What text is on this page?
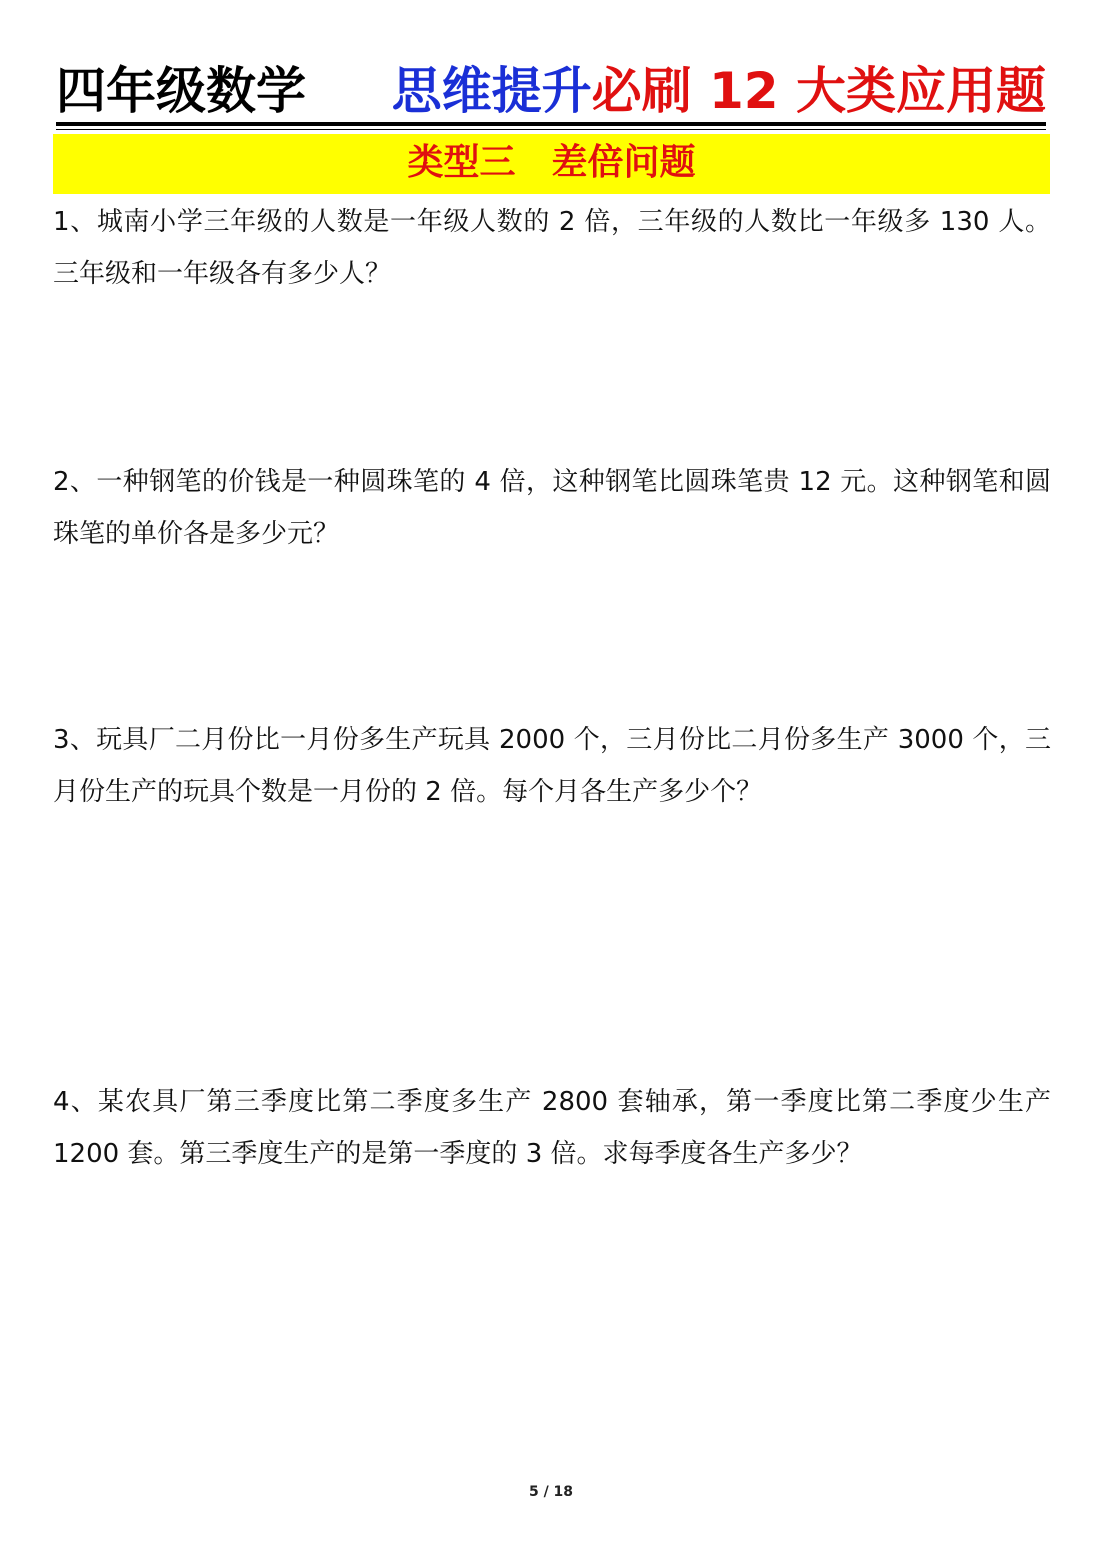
四年级数学 思维提升必刷 12 大类应用题
类型三　差倍问题

1、城南小学三年级的人数是一年级人数的 2 倍，三年级的人数比一年级多 130 人。三年级和一年级各有多少人？

2、一种钢笔的价钱是一种圆珠笔的 4 倍，这种钢笔比圆珠笔贵 12 元。这种钢笔和圆珠笔的单价各是多少元？

3、玩具厂二月份比一月份多生产玩具 2000 个，三月份比二月份多生产 3000 个，三月份生产的玩具个数是一月份的 2 倍。每个月各生产多少个？

4、某农具厂第三季度比第二季度多生产 2800 套轴承，第一季度比第二季度少生产 1200 套。第三季度生产的是第一季度的 3 倍。求每季度各生产多少？

5 / 18
